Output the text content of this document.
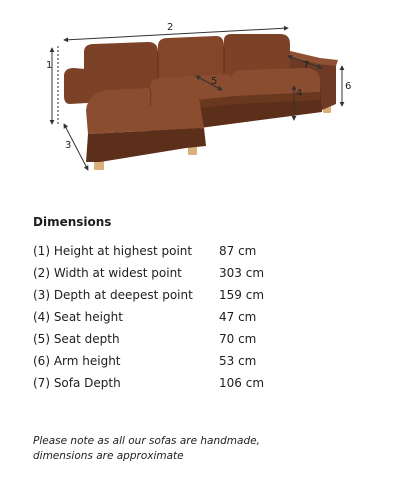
1
2
3
4
5	6
7
Dimensions
(1) Height at highest point	87 cm
(2) Width at widest point	303 cm
(3) Depth at deepest point	159 cm
(4) Seat height	47 cm
(5) Seat depth	70 cm
(6) Arm height	53 cm
(7) Sofa Depth	106 cm

Please note as all our sofas are handmade,
dimensions are approximate
